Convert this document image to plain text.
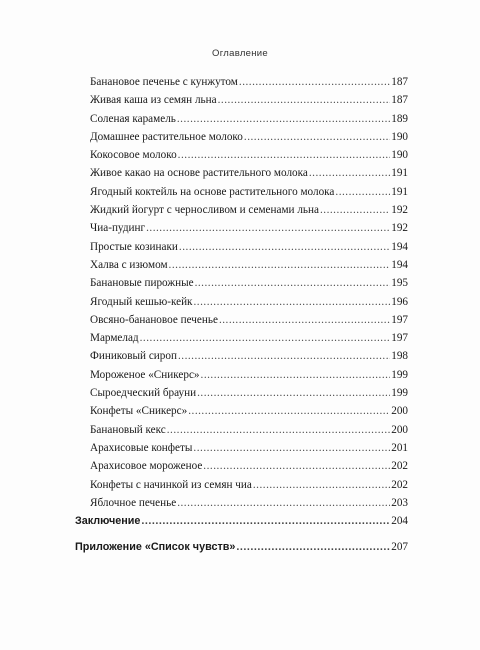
Оглавление
Банановое печенье с кунжутом .....	187
Живая каша из семян льна .....	187
Соленая карамель .....	189
Домашнее растительное молоко .....	190
Кокосовое молоко .....	190
Живое какао на основе растительного молока .....	191
Ягодный коктейль на основе растительного молока .....	191
Жидкий йогурт с черносливом и семенами льна .....	192
Чиа-пудинг .....	192
Простые козинаки .....	194
Халва с изюмом .....	194
Банановые пирожные .....	195
Ягодный кешью-кейк .....	196
Овсяно-банановое печенье .....	197
Мармелад .....	197
Финиковый сироп .....	198
Мороженое «Сникерс» .....	199
Сыроедческий брауни .....	199
Конфеты «Сникерс» .....	200
Банановый кекс .....	200
Арахисовые конфеты .....	201
Арахисовое мороженое .....	202
Конфеты с начинкой из семян чиа .....	202
Яблочное печенье .....	203
Заключение .....	204
Приложение «Список чувств» .....	207
